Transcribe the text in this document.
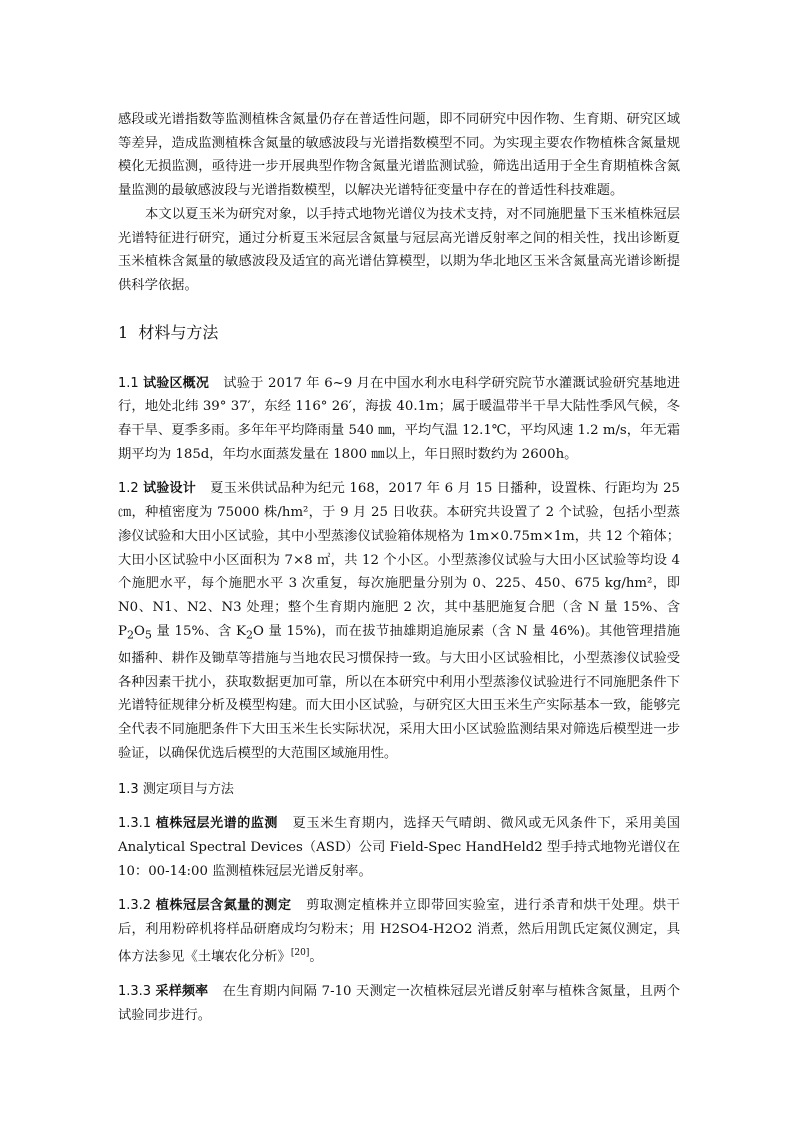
感段或光谱指数等监测植株含氮量仍存在普适性问题，即不同研究中因作物、生育期、研究区域等差异，造成监测植株含氮量的敏感波段与光谱指数模型不同。为实现主要农作物植株含氮量规模化无损监测，亟待进一步开展典型作物含氮量光谱监测试验，筛选出适用于全生育期植株含氮量监测的最敏感波段与光谱指数模型，以解决光谱特征变量中存在的普适性科技难题。

本文以夏玉米为研究对象，以手持式地物光谱仪为技术支持，对不同施肥量下玉米植株冠层光谱特征进行研究，通过分析夏玉米冠层含氮量与冠层高光谱反射率之间的相关性，找出诊断夏玉米植株含氮量的敏感波段及适宜的高光谱估算模型，以期为华北地区玉米含氮量高光谱诊断提供科学依据。

1 材料与方法

1.1 试验区概况 试验于 2017 年 6~9 月在中国水利水电科学研究院节水灌溉试验研究基地进行，地处北纬 39° 37′，东经 116° 26′，海拔 40.1m；属于暖温带半干旱大陆性季风气候，冬春干旱、夏季多雨。多年年平均降雨量 540 ㎜，平均气温 12.1℃，平均风速 1.2 m/s，年无霜期平均为 185d，年均水面蒸发量在 1800 ㎜以上，年日照时数约为 2600h。

1.2 试验设计 夏玉米供试品种为纪元 168，2017 年 6 月 15 日播种，设置株、行距均为 25 ㎝，种植密度为 75000 株/hm²，于 9 月 25 日收获。本研究共设置了 2 个试验，包括小型蒸渗仪试验和大田小区试验，其中小型蒸渗仪试验箱体规格为 1m×0.75m×1m，共 12 个箱体；大田小区试验中小区面积为 7×8 ㎡，共 12 个小区。小型蒸渗仪试验与大田小区试验等均设 4 个施肥水平，每个施肥水平 3 次重复，每次施肥量分别为 0、225、450、675 kg/hm²，即 N0、N1、N2、N3 处理；整个生育期内施肥 2 次，其中基肥施复合肥（含 N 量 15%、含 $P_2O_5$ 量 15%、含 $K_2O$ 量 15%)，而在拔节抽雄期追施尿素（含 N 量 46%)。其他管理措施如播种、耕作及锄草等措施与当地农民习惯保持一致。与大田小区试验相比，小型蒸渗仪试验受各种因素干扰小，获取数据更加可靠，所以在本研究中利用小型蒸渗仪试验进行不同施肥条件下光谱特征规律分析及模型构建。而大田小区试验，与研究区大田玉米生产实际基本一致，能够完全代表不同施肥条件下大田玉米生长实际状况，采用大田小区试验监测结果对筛选后模型进一步验证，以确保优选后模型的大范围区域施用性。

1.3 测定项目与方法

1.3.1 植株冠层光谱的监测 夏玉米生育期内，选择天气晴朗、微风或无风条件下，采用美国 Analytical Spectral Devices（ASD）公司 Field-Spec HandHeld2 型手持式地物光谱仪在 10：00-14:00 监测植株冠层光谱反射率。

1.3.2 植株冠层含氮量的测定 剪取测定植株并立即带回实验室，进行杀青和烘干处理。烘干后，利用粉碎机将样品研磨成均匀粉末；用 H2SO4-H2O2 消煮，然后用凯氏定氮仪测定，具体方法参见《土壤农化分析》[20]。

1.3.3 采样频率 在生育期内间隔 7-10 天测定一次植株冠层光谱反射率与植株含氮量，且两个试验同步进行。
